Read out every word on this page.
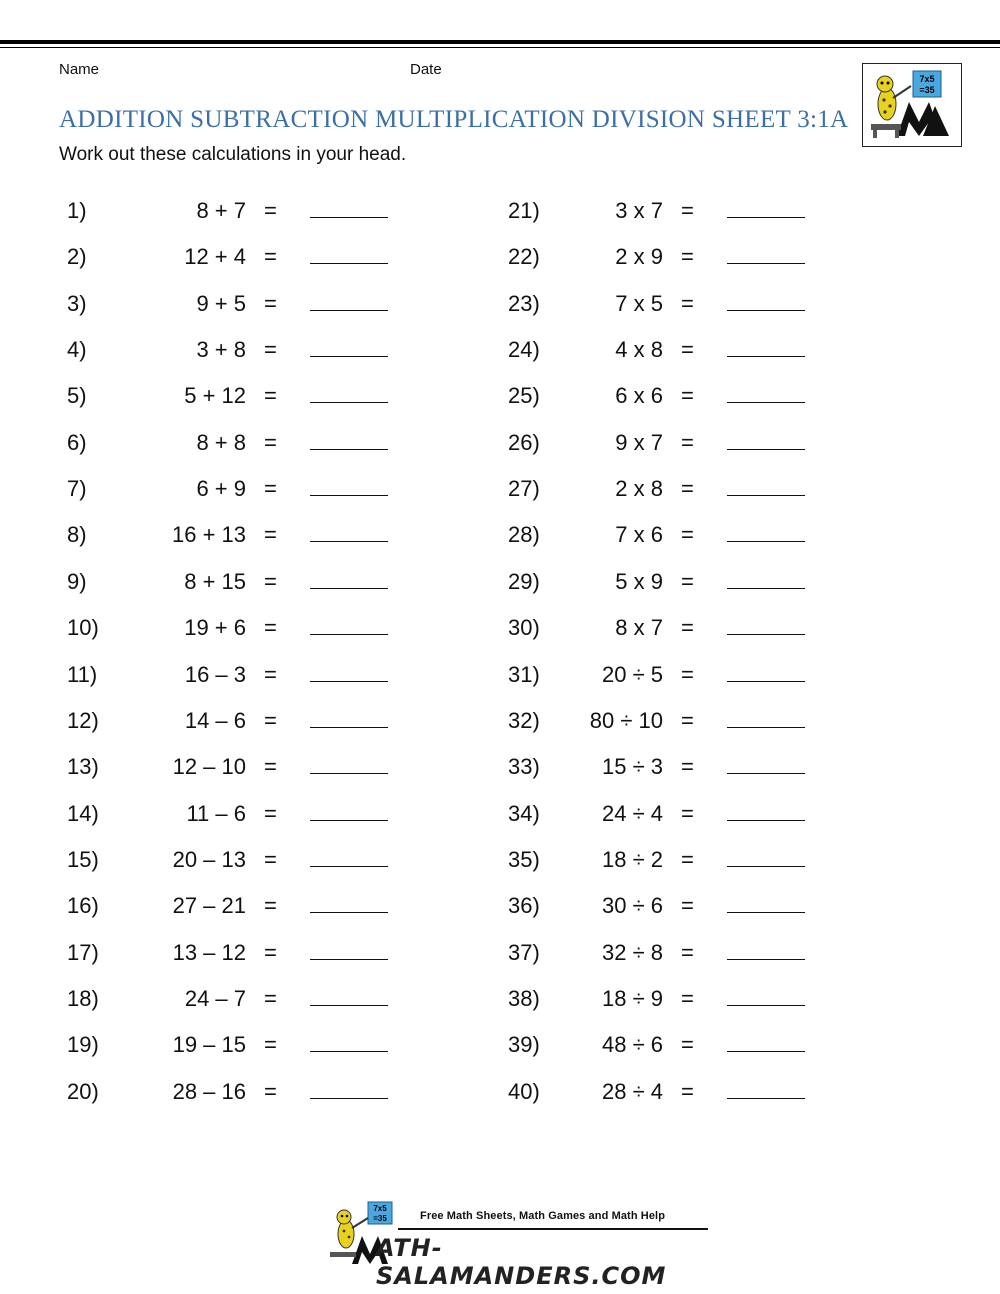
Name	Date
7x5
=35
ADDITION SUBTRACTION MULTIPLICATION DIVISION SHEET 3:1A
Work out these calculations in your head.
1)	8 + 7 =
2)	12 + 4 =
3)	9 + 5 =
4)	3 + 8 =
5)	5 + 12 =
6)	8 + 8 =
7)	6 + 9 =
8)	16 + 13 =
9)	8 + 15 =
10)	19 + 6 =
11)	16 – 3 =
12)	14 – 6 =
13)	12 – 10 =
14)	11 – 6 =
15)	20 – 13 =
16)	27 – 21 =
17)	13 – 12 =
18)	24 – 7 =
19)	19 – 15 =
20)	28 – 16 =
21)	3 x 7 =
22)	2 x 9 =
23)	7 x 5 =
24)	4 x 8 =
25)	6 x 6 =
26)	9 x 7 =
27)	2 x 8 =
28)	7 x 6 =
29)	5 x 9 =
30)	8 x 7 =
31)	20 ÷ 5 =
32) 80 ÷ 10 =
33)	15 ÷ 3 =
34)	24 ÷ 4 =
35)	18 ÷ 2 =
36)	30 ÷ 6 =
37)	32 ÷ 8 =
38)	18 ÷ 9 =
39)	48 ÷ 6 =
40)	28 ÷ 4 =
7x5
=35	Free Math Sheets, Math Games and Math Help
ATH-SALAMANDERS.COM
